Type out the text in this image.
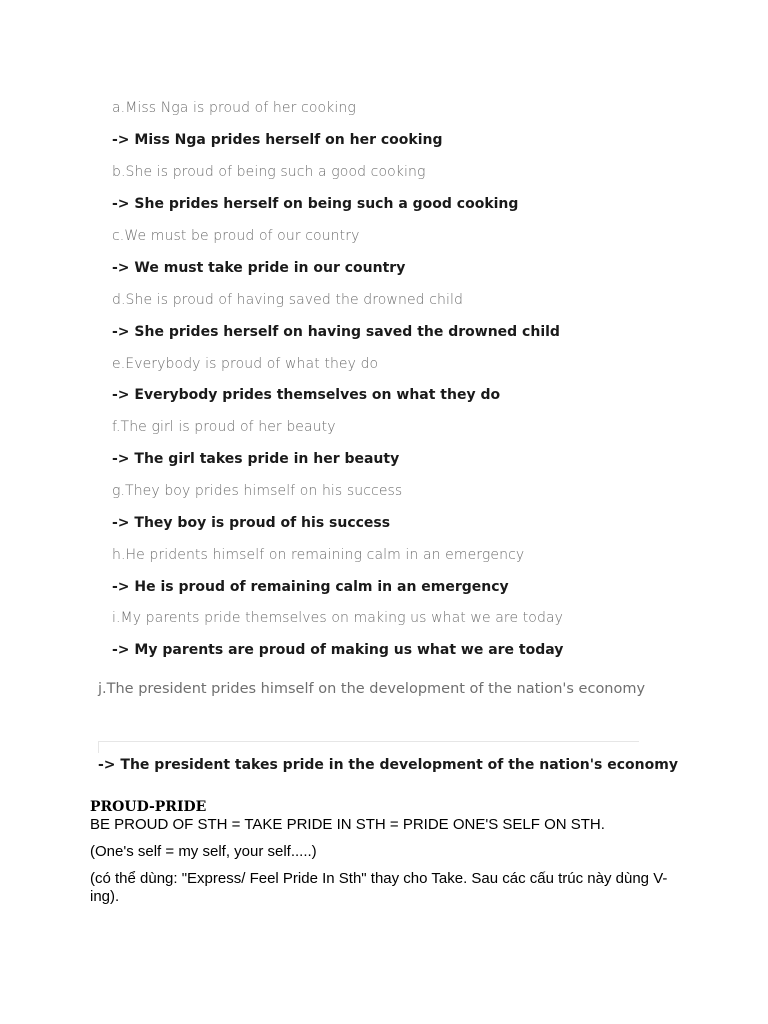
a.Miss Nga is proud of her cooking
-> Miss Nga prides herself on her cooking
b.She is proud of being such a good cooking
-> She prides herself on being such a good cooking
c.We must be proud of our country
-> We must take pride in our country
d.She is proud of having saved the drowned child
-> She prides herself on having saved the drowned child
e.Everybody is proud of what they do
-> Everybody prides themselves on what they do
f.The girl is proud of her beauty
-> The girl takes pride in her beauty
g.They boy prides himself on his success
-> They boy is proud of his success
h.He pridents himself on remaining calm in an emergency
-> He is proud of remaining calm in an emergency
i.My parents pride themselves on making us what we are today
-> My parents are proud of making us what we are today
j.The president prides himself on the development of the nation's economy
-> The president takes pride in the development of the nation's economy
PROUD-PRIDE

BE PROUD OF STH = TAKE PRIDE IN STH = PRIDE ONE'S SELF ON STH.

(One's self = my self, your self.....)

(có thể dùng: "Express/ Feel Pride In Sth" thay cho Take. Sau các cấu trúc này dùng V-ing).
